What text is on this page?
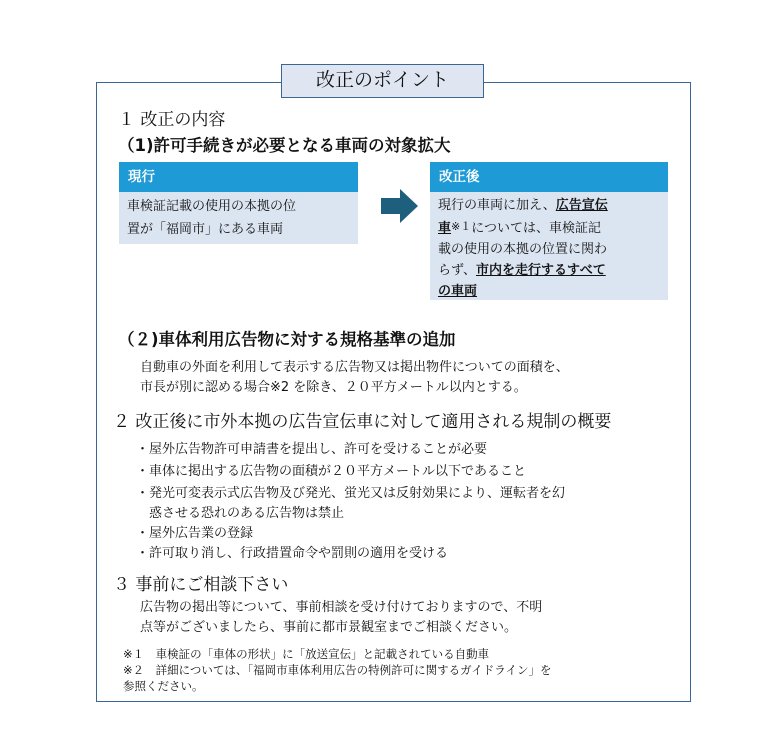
改正のポイント
１ 改正の内容
（1)許可手続きが必要となる車両の対象拡大
現行
車検証記載の使用の本拠の位
置が「福岡市」にある車両
改正後
現行の車両に加え、広告宣伝
車※１については、車検証記
載の使用の本拠の位置に関わ
らず、市内を走行するすべて
の車両
（２)車体利用広告物に対する規格基準の追加
自動車の外面を利用して表示する広告物又は掲出物件についての面積を、
市長が別に認める場合※2 を除き、２０平方メートル以内とする。
２ 改正後に市外本拠の広告宣伝車に対して適用される規制の概要
・屋外広告物許可申請書を提出し、許可を受けることが必要
・車体に掲出する広告物の面積が２０平方メートル以下であること
・発光可変表示式広告物及び発光、蛍光又は反射効果により、運転者を幻
　惑させる恐れのある広告物は禁止
・屋外広告業の登録
・許可取り消し、行政措置命令や罰則の適用を受ける
３ 事前にご相談下さい
広告物の掲出等について、事前相談を受け付けておりますので、不明
点等がございましたら、事前に都市景観室までご相談ください。
※１　車検証の「車体の形状」に「放送宣伝」と記載されている自動車
※２　詳細については、「福岡市車体利用広告の特例許可に関するガイドライン」を
参照ください。
